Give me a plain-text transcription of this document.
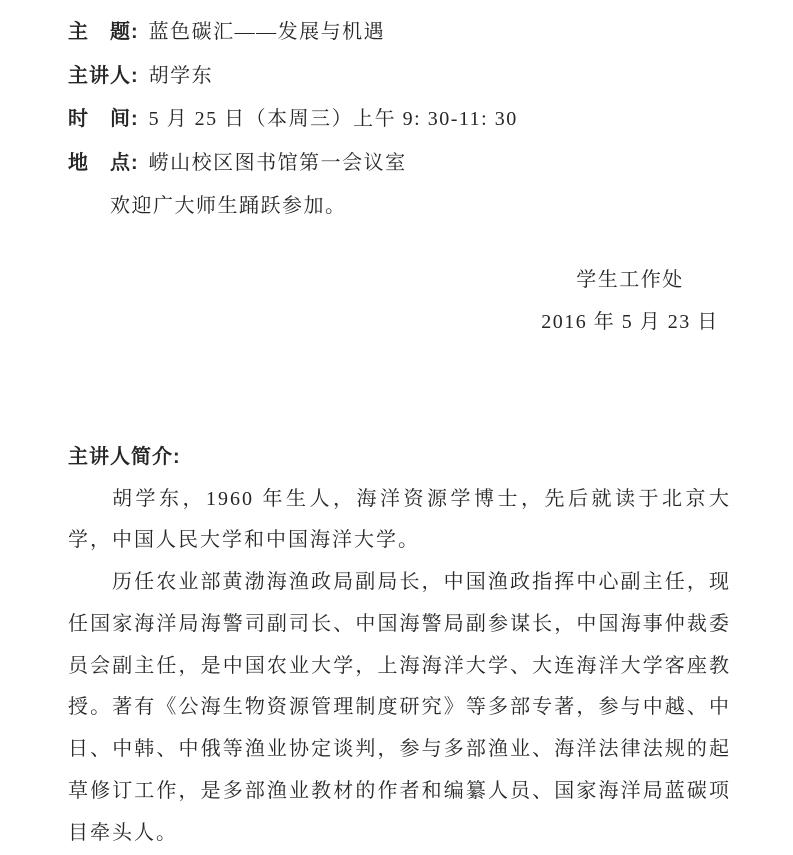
主　题: 蓝色碳汇——发展与机遇
主讲人: 胡学东
时　间: 5 月 25 日（本周三）上午 9: 30-11: 30
地　点: 崂山校区图书馆第一会议室
欢迎广大师生踊跃参加。
学生工作处
2016 年 5 月 23 日
主讲人简介:

胡学东，1960 年生人，海洋资源学博士，先后就读于北京大学，中国人民大学和中国海洋大学。

历任农业部黄渤海渔政局副局长，中国渔政指挥中心副主任，现任国家海洋局海警司副司长、中国海警局副参谋长，中国海事仲裁委员会副主任，是中国农业大学，上海海洋大学、大连海洋大学客座教授。著有《公海生物资源管理制度研究》等多部专著，参与中越、中日、中韩、中俄等渔业协定谈判，参与多部渔业、海洋法律法规的起草修订工作，是多部渔业教材的作者和编纂人员、国家海洋局蓝碳项目牵头人。
